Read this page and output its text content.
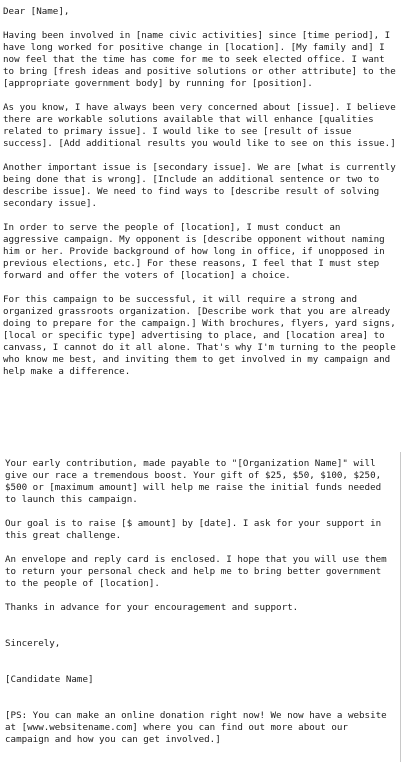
Dear [Name],

Having been involved in [name civic activities] since [time period], I have long worked for positive change in [location]. [My family and] I now feel that the time has come for me to seek elected office. I want to bring [fresh ideas and positive solutions or other attribute] to the [appropriate government body] by running for [position].

As you know, I have always been very concerned about [issue]. I believe there are workable solutions available that will enhance [qualities related to primary issue]. I would like to see [result of issue success]. [Add additional results you would like to see on this issue.]

Another important issue is [secondary issue]. We are [what is currently being done that is wrong]. [Include an additional sentence or two to describe issue]. We need to find ways to [describe result of solving secondary issue].

In order to serve the people of [location], I must conduct an aggressive campaign. My opponent is [describe opponent without naming him or her. Provide background of how long in office, if unopposed in previous elections, etc.] For these reasons, I feel that I must step forward and offer the voters of [location] a choice.

For this campaign to be successful, it will require a strong and organized grassroots organization. [Describe work that you are already doing to prepare for the campaign.] With brochures, flyers, yard signs, [local or specific type] advertising to place, and [location area] to canvass, I cannot do it all alone. That's why I'm turning to the people who know me best, and inviting them to get involved in my campaign and help make a difference.

Your early contribution, made payable to "[Organization Name]" will give our race a tremendous boost. Your gift of $25, $50, $100, $250, $500 or [maximum amount] will help me raise the initial funds needed to launch this campaign.

Our goal is to raise [$ amount] by [date]. I ask for your support in this great challenge.

An envelope and reply card is enclosed. I hope that you will use them to return your personal check and help me to bring better government to the people of [location].

Thanks in advance for your encouragement and support.

Sincerely,

[Candidate Name]

[PS: You can make an online donation right now! We now have a website at [www.websitename.com] where you can find out more about our campaign and how you can get involved.]
